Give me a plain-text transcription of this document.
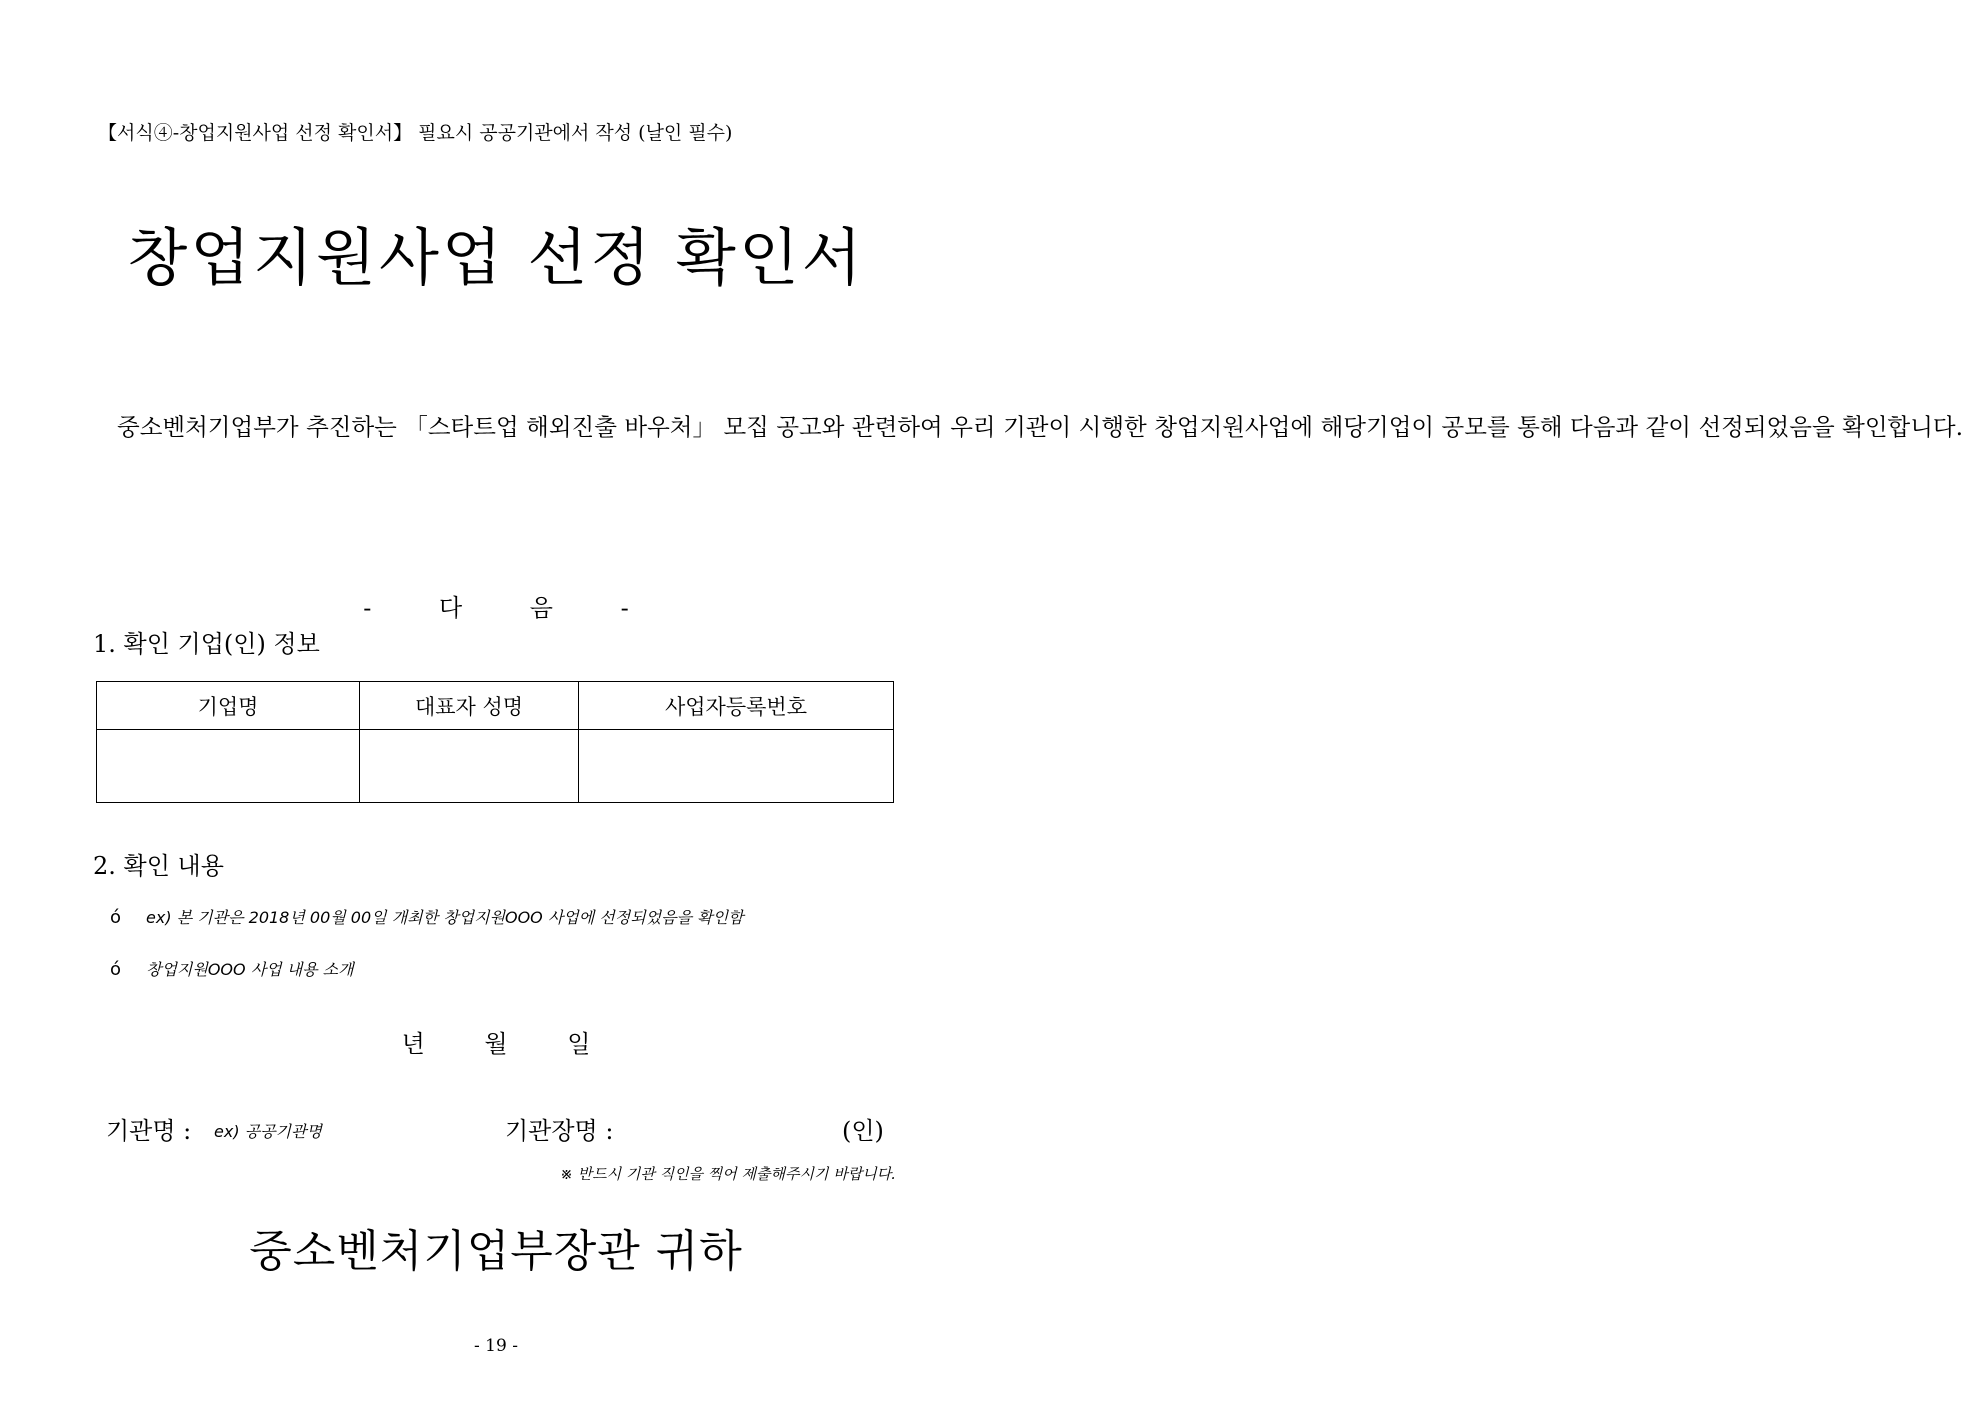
【서식④-창업지원사업 선정 확인서】 필요시 공공기관에서 작성 (날인 필수)
창업지원사업 선정 확인서
중소벤처기업부가 추진하는 「스타트업 해외진출 바우처」 모집 공고와 관련하여 우리 기관이 시행한 창업지원사업에 해당기업이 공모를 통해 다음과 같이 선정되었음을 확인합니다.
- 다 음 -
1. 확인 기업(인) 정보
기업명	대표자 성명	사업자등록번호

2. 확인 내용
ό ex) 본 기관은 2018년 00월 00일 개최한 창업지원OOO 사업에 선정되었음을 확인함
ό 창업지원OOO 사업 내용 소개
년 월 일
기관명 : ex) 공공기관명	기관장명 :	(인)
※ 반드시 기관 직인을 찍어 제출해주시기 바랍니다.
중소벤처기업부장관 귀하
- 19 -
